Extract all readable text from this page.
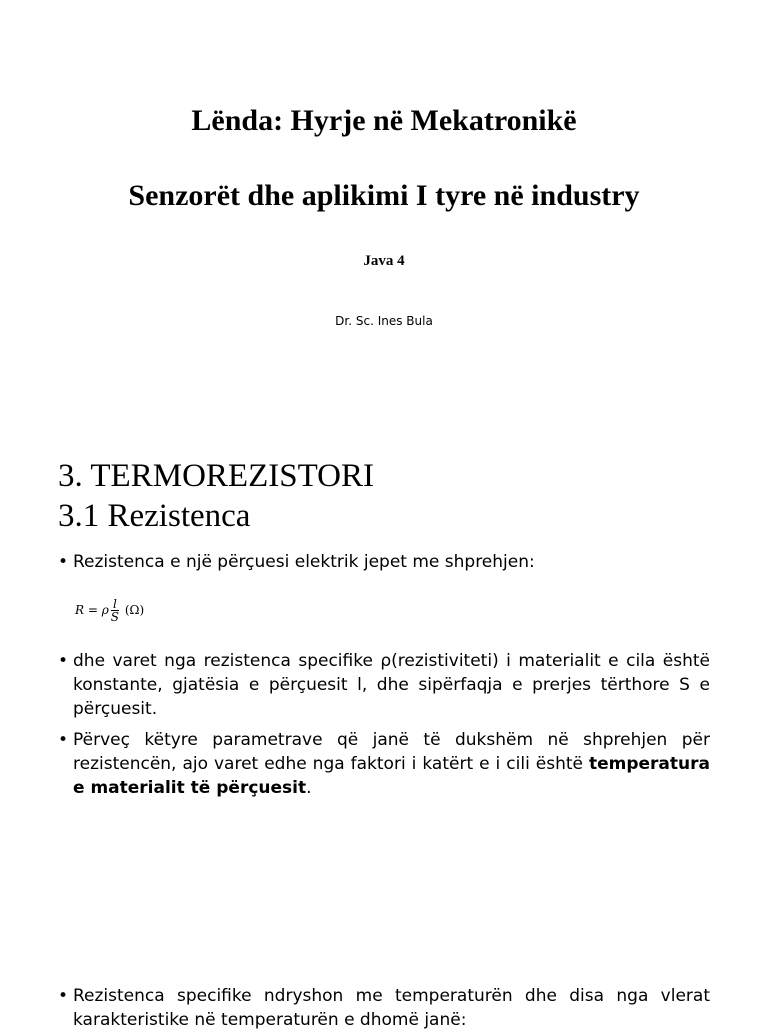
Lënda: Hyrje në Mekatronikë
Senzorët dhe aplikimi I tyre në industry
Java 4
Dr. Sc. Ines Bula
3. TERMOREZISTORI
3.1 Rezistenca
• Rezistenca e një përçuesi elektrik jepet me shprehjen:
R = ρ $\frac{l}{S} (\Omega)$
• dhe varet nga rezistenca specifike ρ(rezistiviteti) i materialit e cila është konstante, gjatësia e përçuesit l, dhe sipërfaqja e prerjes tërthore S e përçuesit.
• Përveç këtyre parametrave që janë të dukshëm në shprehjen për rezistencën, ajo varet edhe nga faktori i katërt e i cili është temperatura e materialit të përçuesit.
• Rezistenca specifike ndryshon me temperaturën dhe disa nga vlerat karakteristike në temperaturën e dhomë janë:
